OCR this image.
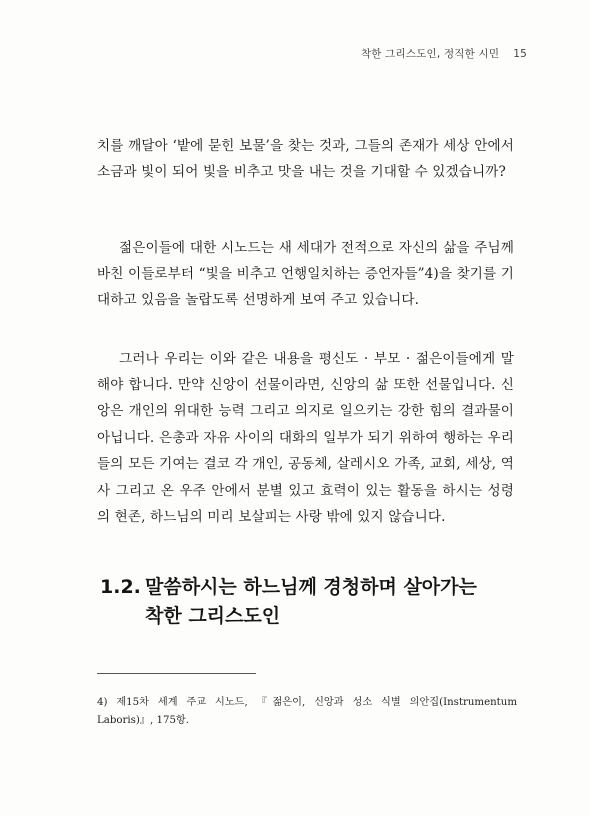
착한 그리스도인, 정직한 시민 15

치를 깨달아 ‘밭에 묻힌 보물’을 찾는 것과, 그들의 존재가 세상 안에서 소금과 빛이 되어 빛을 비추고 맛을 내는 것을 기대할 수 있겠습니까?

젊은이들에 대한 시노드는 새 세대가 전적으로 자신의 삶을 주님께 바친 이들로부터 “빛을 비추고 언행일치하는 증언자들”4)을 찾기를 기대하고 있음을 놀랍도록 선명하게 보여 주고 있습니다.

그러나 우리는 이와 같은 내용을 평신도 · 부모 · 젊은이들에게 말해야 합니다. 만약 신앙이 선물이라면, 신앙의 삶 또한 선물입니다. 신앙은 개인의 위대한 능력 그리고 의지로 일으키는 강한 힘의 결과물이 아닙니다. 은총과 자유 사이의 대화의 일부가 되기 위하여 행하는 우리들의 모든 기여는 결코 각 개인, 공동체, 살레시오 가족, 교회, 세상, 역사 그리고 온 우주 안에서 분별 있고 효력이 있는 활동을 하시는 성령의 현존, 하느님의 미리 보살피는 사랑 밖에 있지 않습니다.

1.2. 말씀하시는 하느님께 경청하며 살아가는
착한 그리스도인

4) 제15차 세계 주교 시노드, 『젊은이, 신앙과 성소 식별 의안집(Instrumentum Laboris)』, 175항.
